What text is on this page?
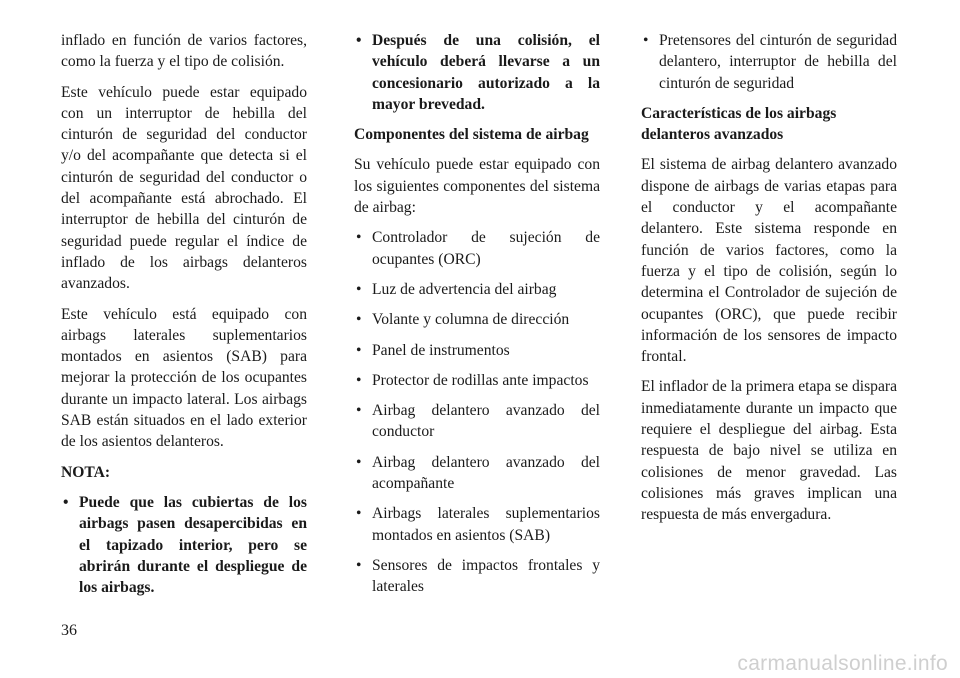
inflado en función de varios factores, como la fuerza y el tipo de colisión.

Este vehículo puede estar equipado con un interruptor de hebilla del cinturón de seguridad del conductor y/o del acompañante que detecta si el cinturón de seguridad del conductor o del acompañante está abrochado. El interruptor de hebilla del cinturón de seguridad puede regular el índice de inflado de los airbags delanteros avanzados.

Este vehículo está equipado con airbags laterales suplementarios montados en asientos (SAB) para mejorar la protección de los ocupantes durante un impacto lateral. Los airbags SAB están situados en el lado exterior de los asientos delanteros.

NOTA:

• Puede que las cubiertas de los airbags pasen desapercibidas en el tapizado interior, pero se abrirán durante el despliegue de los airbags.
• Después de una colisión, el vehículo deberá llevarse a un concesionario autorizado a la mayor brevedad.

Componentes del sistema de airbag

Su vehículo puede estar equipado con los siguientes componentes del sistema de airbag:

• Controlador de sujeción de ocupantes (ORC)
• Luz de advertencia del airbag
• Volante y columna de dirección
• Panel de instrumentos
• Protector de rodillas ante impactos
• Airbag delantero avanzado del conductor
• Airbag delantero avanzado del acompañante
• Airbags laterales suplementarios montados en asientos (SAB)
• Sensores de impactos frontales y laterales
• Pretensores del cinturón de seguridad delantero, interruptor de hebilla del cinturón de seguridad

Características de los airbags delanteros avanzados

El sistema de airbag delantero avanzado dispone de airbags de varias etapas para el conductor y el acompañante delantero. Este sistema responde en función de varios factores, como la fuerza y el tipo de colisión, según lo determina el Controlador de sujeción de ocupantes (ORC), que puede recibir información de los sensores de impacto frontal.

El inflador de la primera etapa se dispara inmediatamente durante un impacto que requiere el despliegue del airbag. Esta respuesta de bajo nivel se utiliza en colisiones de menor gravedad. Las colisiones más graves implican una respuesta de más envergadura.

36
carmanualsonline.info
